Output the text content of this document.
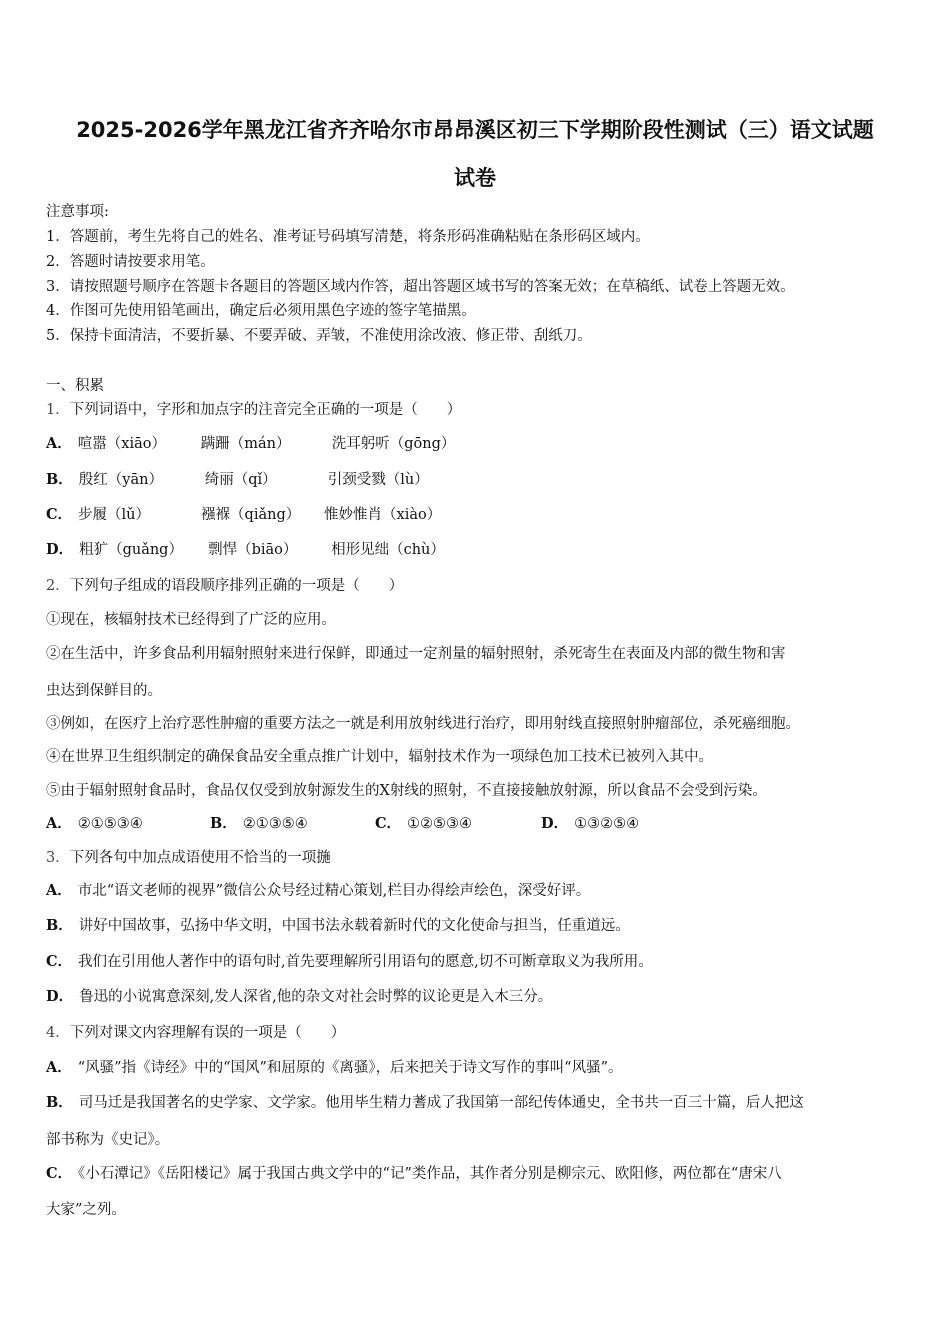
2025-2026学年黑龙江省齐齐哈尔市昂昂溪区初三下学期阶段性测试（三）语文试题
试卷
注意事项:
1．答题前，考生先将自己的姓名、准考证号码填写清楚，将条形码准确粘贴在条形码区域内。
2．答题时请按要求用笔。
3．请按照题号顺序在答题卡各题目的答题区域内作答，超出答题区域书写的答案无效；在草稿纸、试卷上答题无效。
4．作图可先使用铅笔画出，确定后必须用黑色字迹的签字笔描黑。
5．保持卡面清洁，不要折暴、不要弄破、弄皱，不准使用涂改液、修正带、刮纸刀。
一、积累
1．下列词语中，字形和加点字的注音完全正确的一项是（　　）
A． 喧嚣（xiāo） 蹒跚（mán）	洗耳躬听（gōng）
B． 殷红（yān）	绮丽（qǐ）	引颈受戮（lù）
C． 步履（lǔ）	襁褓（qiǎng） 惟妙惟肖（xiào）
D． 粗犷（guǎng） 剽悍（biāo） 相形见绌（chù）
2．下列句子组成的语段顺序排列正确的一项是（　　）
①现在，核辐射技术已经得到了广泛的应用。
②在生活中，许多食品利用辐射照射来进行保鲜，即通过一定剂量的辐射照射，杀死寄生在表面及内部的微生物和害
虫达到保鲜目的。
③例如，在医疗上治疗恶性肿瘤的重要方法之一就是利用放射线进行治疗，即用射线直接照射肿瘤部位，杀死癌细胞。
④在世界卫生组织制定的确保食品安全重点推广计划中，辐射技术作为一项绿色加工技术已被列入其中。
⑤由于辐射照射食品时，食品仅仅受到放射源发生的X射线的照射，不直接接触放射源，所以食品不会受到污染。
A． ②①⑤③④	B． ②①③⑤④	C． ①②⑤③④	D． ①③②⑤④
3．下列各句中加点成语使用不恰当的一项揓
A． 市北“语文老师的视界”微信公众号经过精心策划,栏目办得绘声绘色，深受好评。
B． 讲好中国故事，弘扬中华文明，中国书法永载着新时代的文化使命与担当，任重道远。
C． 我们在引用他人著作中的语句时,首先要理解所引用语句的愿意,切不可断章取义为我所用。
D． 鲁迅的小说寓意深刻,发人深省,他的杂文对社会时弊的议论更是入木三分。
4．下列对课文内容理解有误的一项是（　　）
A． “风骚”指《诗经》中的“国风”和屈原的《离骚》，后来把关于诗文写作的事叫“风骚”。
B． 司马迁是我国著名的史学家、文学家。他用毕生精力蓍成了我国第一部纪传体通史，全书共一百三十篇，后人把这
部书称为《史记》。
C． 《小石潭记》《岳阳楼记》属于我国古典文学中的“记”类作品，其作者分别是柳宗元、欧阳修，两位都在“唐宋八
大家”之列。
